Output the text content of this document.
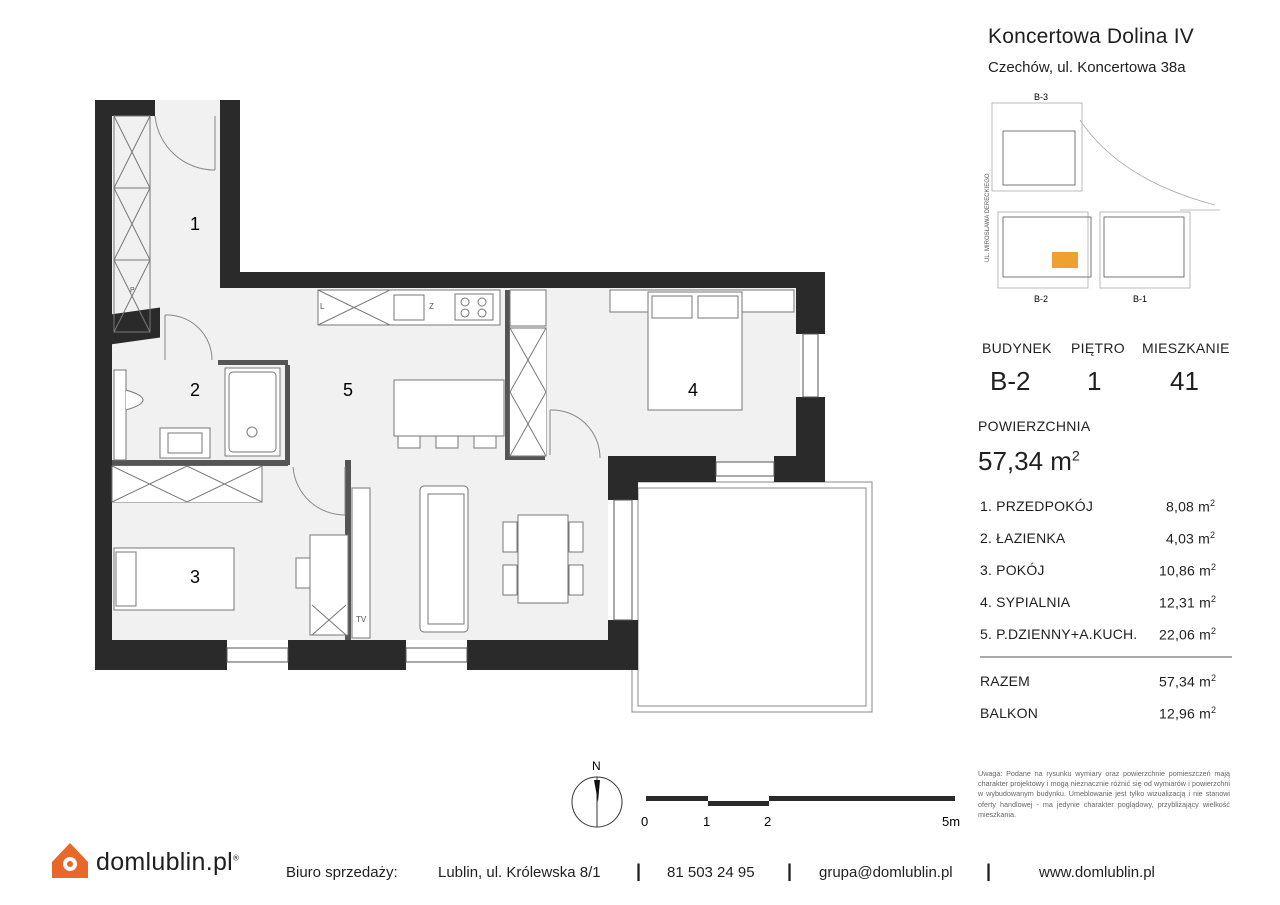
P
L	Z
TV
1
2
3
4
5
N
0	1	2	5m
B-3
B-2	B-1
UL. MIROSŁAWA DERECKIEGO
Koncertowa Dolina IV
Czechów, ul. Koncertowa 38a
BUDYNEK PIĘTRO MIESZKANIE
B-2 1	41
POWIERZCHNIA
57,34 $m^2$
1. PRZEDPOKÓJ	8,08 $m^2$
2. ŁAZIENKA	4,03 $m^2$
3. POKÓJ	10,86 $m^2$
4. SYPIALNIA	12,31 $m^2$
5. P.DZIENNY+A.KUCH. 22,06 $m^2$
RAZEM	57,34 $m^2$
BALKON	12,96 $m^2$
Uwaga: Podane na rysunku wymiary oraz powierzchnie pomieszczeń mają charakter projektowy i mogą nieznacznie różnić się od wymiarów i powierzchni w wybudowanym budynku. Umeblowanie jest tylko wizualizacją i nie stanowi oferty handlowej - ma jedynie charakter poglądowy, przybliżający wielkość mieszkania.
domlublin.pl®
Biuro sprzedaży:	Lublin, ul. Królewska 8/1 | 81 503 24 95 | grupa@domlublin.pl |	www.domlublin.pl
